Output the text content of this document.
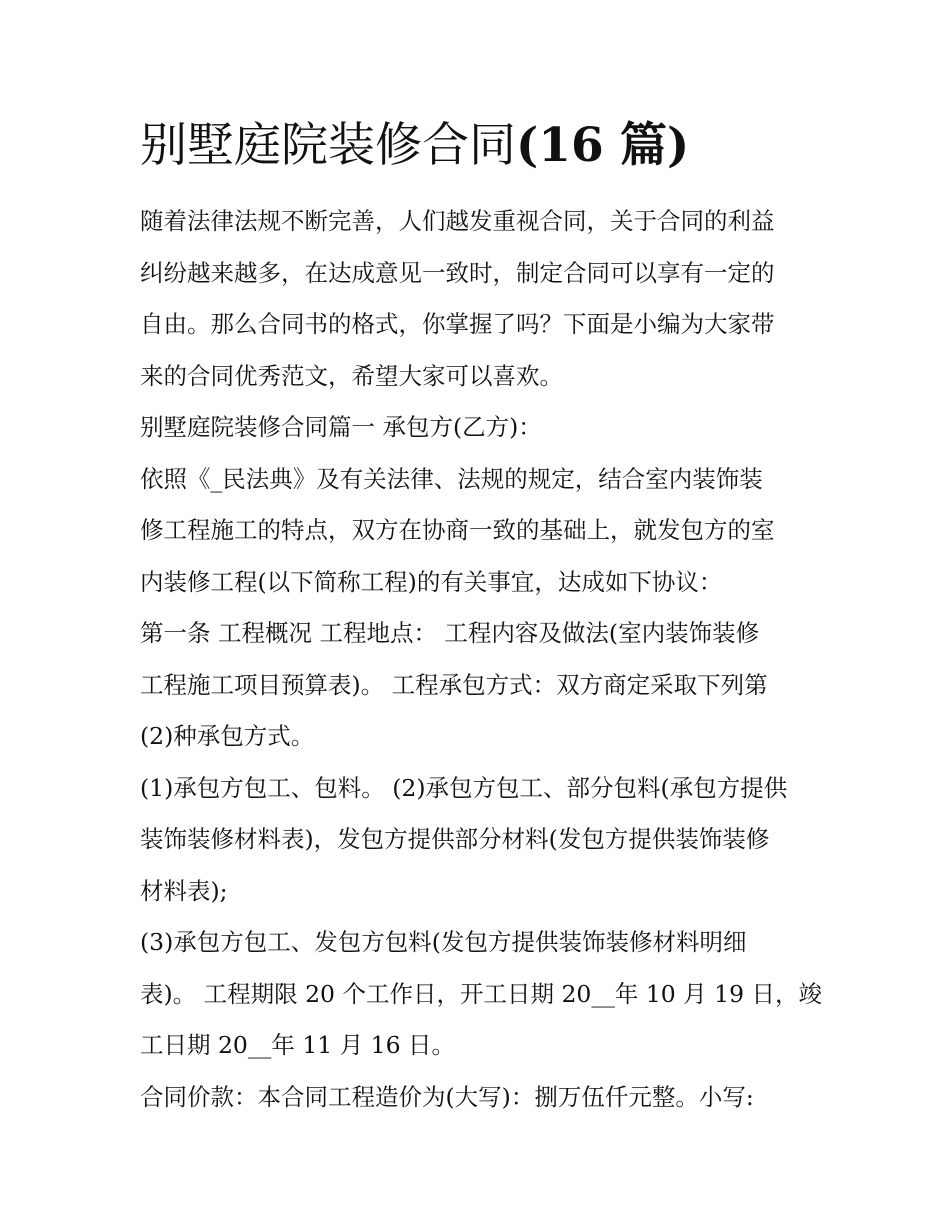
别墅庭院装修合同(16 篇)

随着法律法规不断完善，人们越发重视合同，关于合同的利益
纠纷越来越多，在达成意见一致时，制定合同可以享有一定的
自由。那么合同书的格式，你掌握了吗？下面是小编为大家带
来的合同优秀范文，希望大家可以喜欢。

别墅庭院装修合同篇一 承包方(乙方)：

依照《_民法典》及有关法律、法规的规定，结合室内装饰装
修工程施工的特点，双方在协商一致的基础上，就发包方的室
内装修工程(以下简称工程)的有关事宜，达成如下协议：

第一条 工程概况 工程地点： 工程内容及做法(室内装饰装修
工程施工项目预算表)。 工程承包方式：双方商定采取下列第
(2)种承包方式。

(1)承包方包工、包料。 (2)承包方包工、部分包料(承包方提供
装饰装修材料表)，发包方提供部分材料(发包方提供装饰装修
材料表);

(3)承包方包工、发包方包料(发包方提供装饰装修材料明细
表)。 工程期限 20 个工作日，开工日期 20__年 10 月 19 日，竣
工日期 20__年 11 月 16 日。

合同价款：本合同工程造价为(大写)：捌万伍仟元整。小写:
